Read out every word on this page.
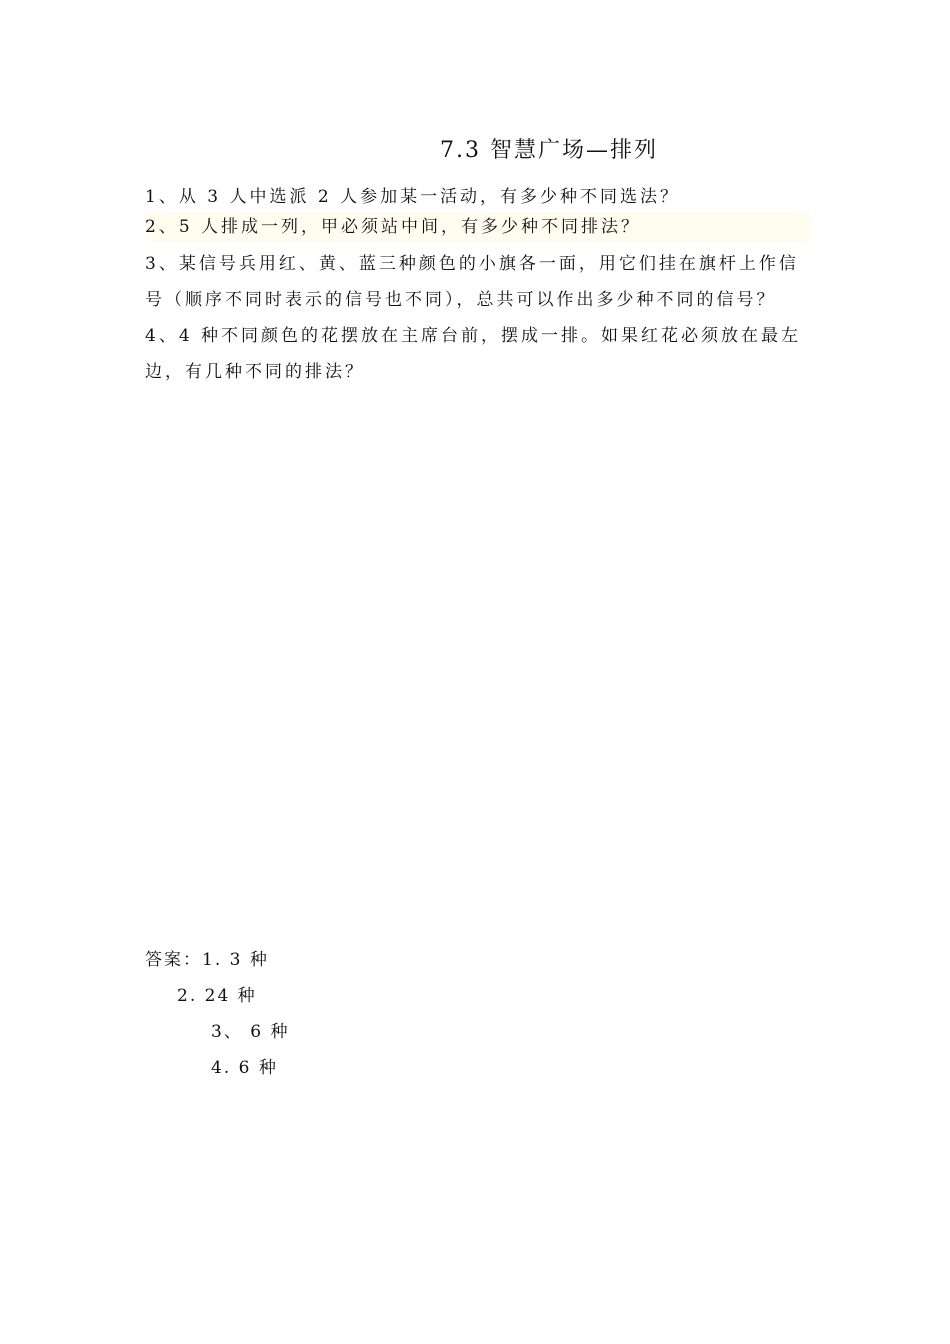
7.3 智慧广场—排列

1、从 3 人中选派 2 人参加某一活动，有多少种不同选法？

2、5 人排成一列，甲必须站中间，有多少种不同排法？

3、某信号兵用红、黄、蓝三种颜色的小旗各一面，用它们挂在旗杆上作信号（顺序不同时表示的信号也不同），总共可以作出多少种不同的信号？

4、4 种不同颜色的花摆放在主席台前，摆成一排。如果红花必须放在最左边，有几种不同的排法？

答案：1. 3 种
2. 24 种
3、 6 种
4. 6 种
